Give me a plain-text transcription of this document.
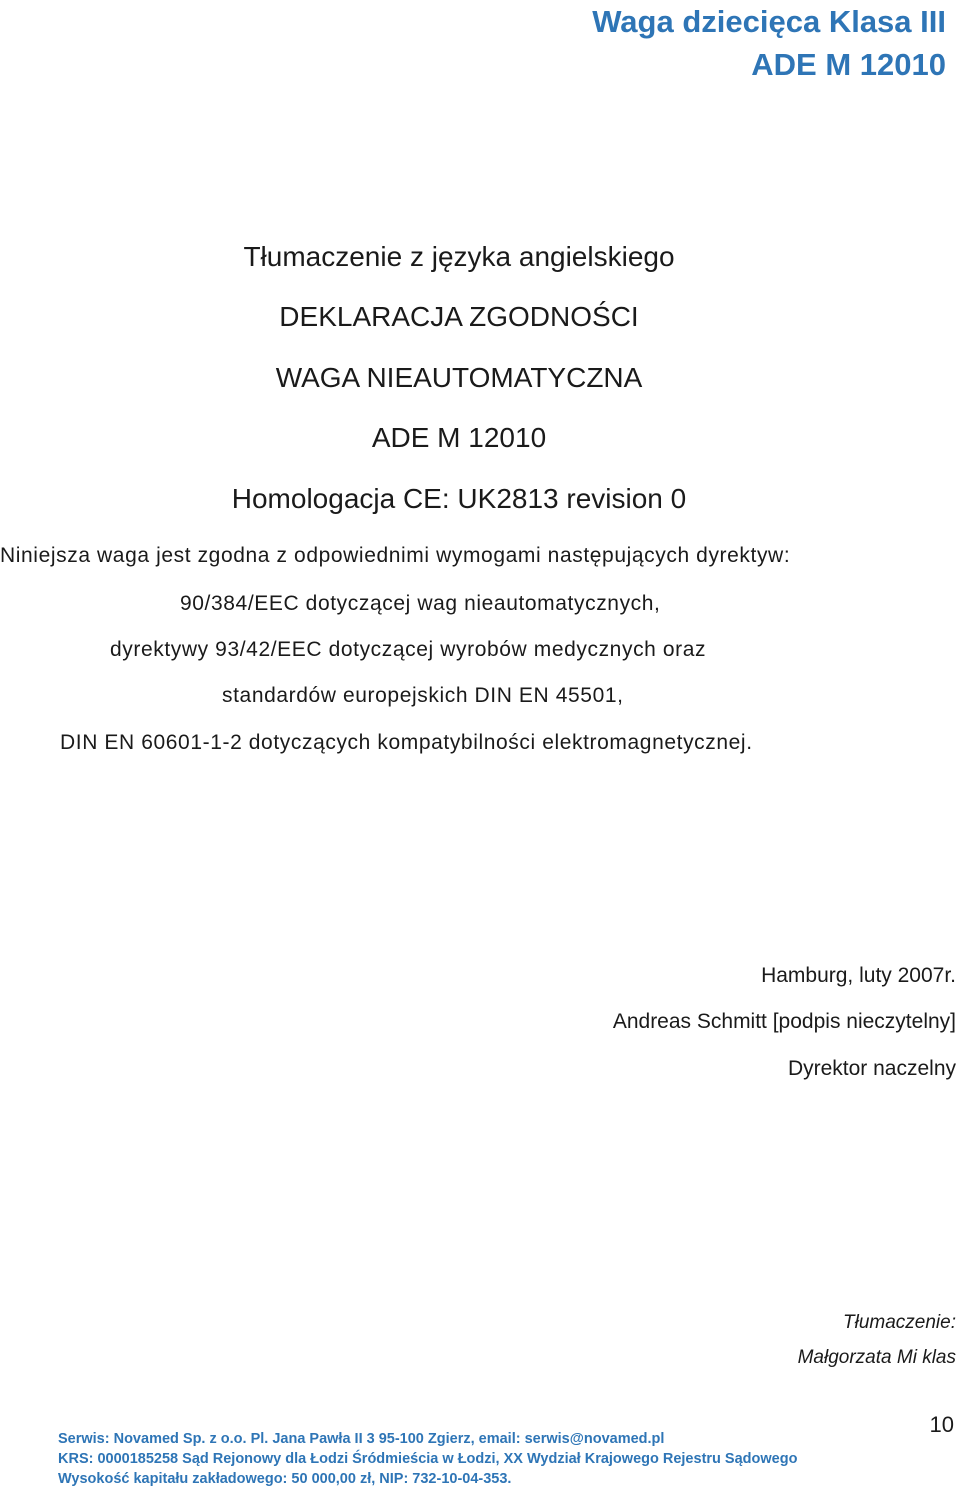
Waga dziecięca Klasa III
ADE M 12010
Tłumaczenie z języka angielskiego
DEKLARACJA ZGODNOŚCI
WAGA NIEAUTOMATYCZNA
ADE M 12010
Homologacja CE: UK2813 revision 0
Niniejsza waga jest zgodna z odpowiednimi wymogami następujących dyrektyw:
90/384/EEC dotyczącej wag nieautomatycznych,
dyrektywy 93/42/EEC dotyczącej wyrobów medycznych oraz
standardów europejskich DIN EN 45501,
DIN EN 60601-1-2 dotyczących kompatybilności elektromagnetycznej.
Hamburg, luty 2007r.
Andreas Schmitt [podpis nieczytelny]
Dyrektor naczelny
Tłumaczenie:
Małgorzata Mi klas
10
Serwis: Novamed Sp. z o.o. Pl. Jana Pawła II 3 95-100 Zgierz, email: serwis@novamed.pl
KRS: 0000185258 Sąd Rejonowy dla Łodzi Śródmieścia w Łodzi, XX Wydział Krajowego Rejestru Sądowego
Wysokość kapitału zakładowego: 50 000,00 zł, NIP: 732-10-04-353.
